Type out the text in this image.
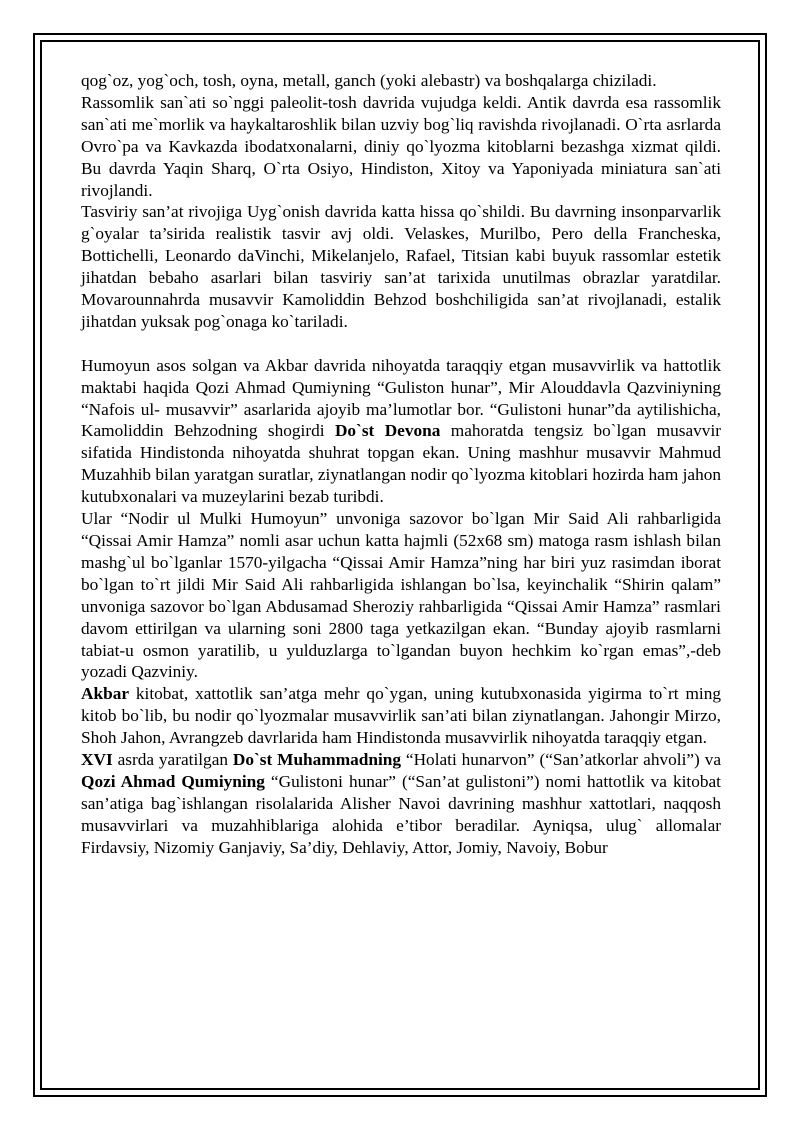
qog`oz, yog`och, tosh, oyna, metall, ganch (yoki alebastr) va boshqalarga chiziladi.

Rassomlik san`ati so`nggi paleolit-tosh davrida vujudga keldi. Antik davrda esa rassomlik san`ati me`morlik va haykaltaroshlik bilan uzviy bog`liq ravishda rivojlanadi. O`rta asrlarda Ovro`pa va Kavkazda ibodatxonalarni, diniy qo`lyozma kitoblarni bezashga xizmat qildi. Bu davrda Yaqin Sharq, O`rta Osiyo, Hindiston, Xitoy va Yaponiyada miniatura san`ati rivojlandi.

Tasviriy san’at rivojiga Uyg`onish davrida katta hissa qo`shildi. Bu davrning insonparvarlik g`oyalar ta’sirida realistik tasvir avj oldi. Velaskes, Murilbo, Pero della Francheska, Bottichelli, Leonardo daVinchi, Mikelanjelo, Rafael, Titsian kabi buyuk rassomlar estetik jihatdan bebaho asarlari bilan tasviriy san’at tarixida unutilmas obrazlar yaratdilar. Movarounnahrda musavvir Kamoliddin Behzod boshchiligida san’at rivojlanadi, estalik jihatdan yuksak pog`onaga ko`tariladi.

Humoyun asos solgan va Akbar davrida nihoyatda taraqqiy etgan musavvirlik va hattotlik maktabi haqida Qozi Ahmad Qumiyning “Guliston hunar”, Mir Alouddavla Qazviniyning “Nafois ul- musavvir” asarlarida ajoyib ma’lumotlar bor. “Gulistoni hunar”da aytilishicha, Kamoliddin Behzodning shogirdi Do`st Devona mahoratda tengsiz bo`lgan musavvir sifatida Hindistonda nihoyatda shuhrat topgan ekan. Uning mashhur musavvir Mahmud Muzahhib bilan yaratgan suratlar, ziynatlangan nodir qo`lyozma kitoblari hozirda ham jahon kutubxonalari va muzeylarini bezab turibdi.

Ular “Nodir ul Mulki Humoyun” unvoniga sazovor bo`lgan Mir Said Ali rahbarligida “Qissai Amir Hamza” nomli asar uchun katta hajmli (52x68 sm) matoga rasm ishlash bilan mashg`ul bo`lganlar 1570-yilgacha “Qissai Amir Hamza”ning har biri yuz rasimdan iborat bo`lgan to`rt jildi Mir Said Ali rahbarligida ishlangan bo`lsa, keyinchalik “Shirin qalam” unvoniga sazovor bo`lgan Abdusamad Sheroziy rahbarligida “Qissai Amir Hamza” rasmlari davom ettirilgan va ularning soni 2800 taga yetkazilgan ekan. “Bunday ajoyib rasmlarni tabiat-u osmon yaratilib, u yulduzlarga to`lgandan buyon hechkim ko`rgan emas”,-deb yozadi Qazviniy.

Akbar kitobat, xattotlik san’atga mehr qo`ygan, uning kutubxonasida yigirma to`rt ming kitob bo`lib, bu nodir qo`lyozmalar musavvirlik san’ati bilan ziynatlangan. Jahongir Mirzo, Shoh Jahon, Avrangzeb davrlarida ham Hindistonda musavvirlik nihoyatda taraqqiy etgan.

XVI asrda yaratilgan Do`st Muhammadning “Holati hunarvon” (“San’atkorlar ahvoli”) va Qozi Ahmad Qumiyning “Gulistoni hunar” (“San’at gulistoni”) nomi hattotlik va kitobat san’atiga bag`ishlangan risolalarida Alisher Navoi davrining mashhur xattotlari, naqqosh musavvirlari va muzahhiblariga alohida e’tibor beradilar. Ayniqsa, ulug` allomalar Firdavsiy, Nizomiy Ganjaviy, Sa’diy, Dehlaviy, Attor, Jomiy, Navoiy, Bobur
